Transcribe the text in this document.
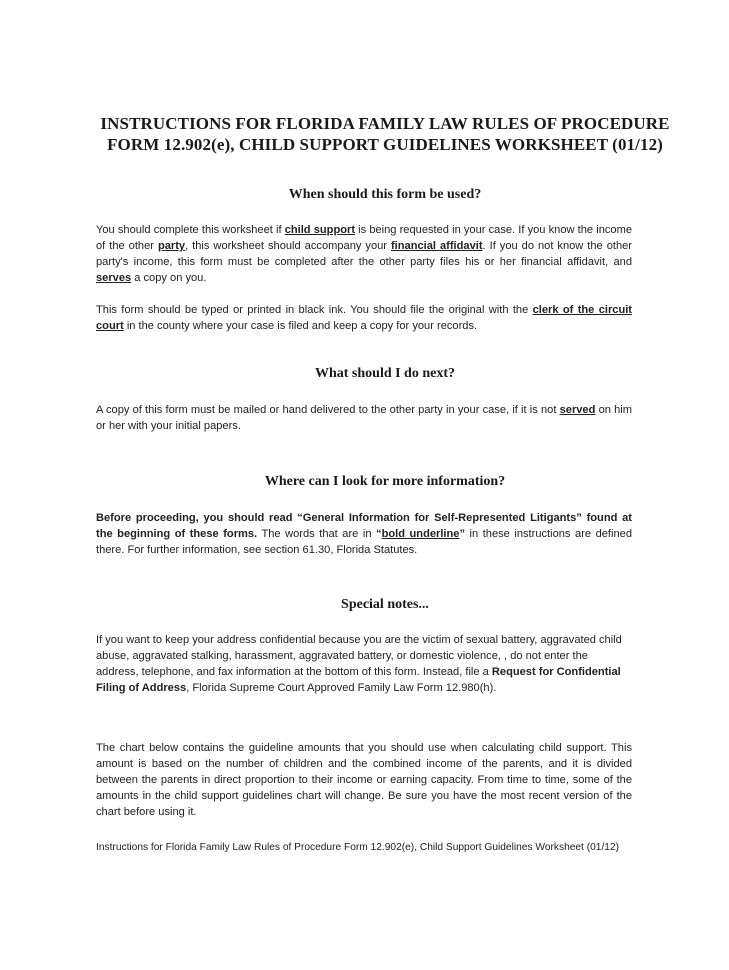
INSTRUCTIONS FOR FLORIDA FAMILY LAW RULES OF PROCEDURE
FORM 12.902(e), CHILD SUPPORT GUIDELINES WORKSHEET (01/12)
When should this form be used?
You should complete this worksheet if child support is being requested in your case. If you know the income of the other party, this worksheet should accompany your financial affidavit. If you do not know the other party's income, this form must be completed after the other party files his or her financial affidavit, and serves a copy on you.
This form should be typed or printed in black ink. You should file the original with the clerk of the circuit court in the county where your case is filed and keep a copy for your records.
What should I do next?
A copy of this form must be mailed or hand delivered to the other party in your case, if it is not served on him or her with your initial papers.
Where can I look for more information?
Before proceeding, you should read “General Information for Self-Represented Litigants” found at the beginning of these forms. The words that are in “bold underline” in these instructions are defined there. For further information, see section 61.30, Florida Statutes.
Special notes...
If you want to keep your address confidential because you are the victim of sexual battery, aggravated child abuse, aggravated stalking, harassment, aggravated battery, or domestic violence, , do not enter the address, telephone, and fax information at the bottom of this form. Instead, file a Request for Confidential Filing of Address, Florida Supreme Court Approved Family Law Form 12.980(h).
The chart below contains the guideline amounts that you should use when calculating child support. This amount is based on the number of children and the combined income of the parents, and it is divided between the parents in direct proportion to their income or earning capacity. From time to time, some of the amounts in the child support guidelines chart will change. Be sure you have the most recent version of the chart before using it.
Instructions for Florida Family Law Rules of Procedure Form 12.902(e), Child Support Guidelines Worksheet (01/12)
